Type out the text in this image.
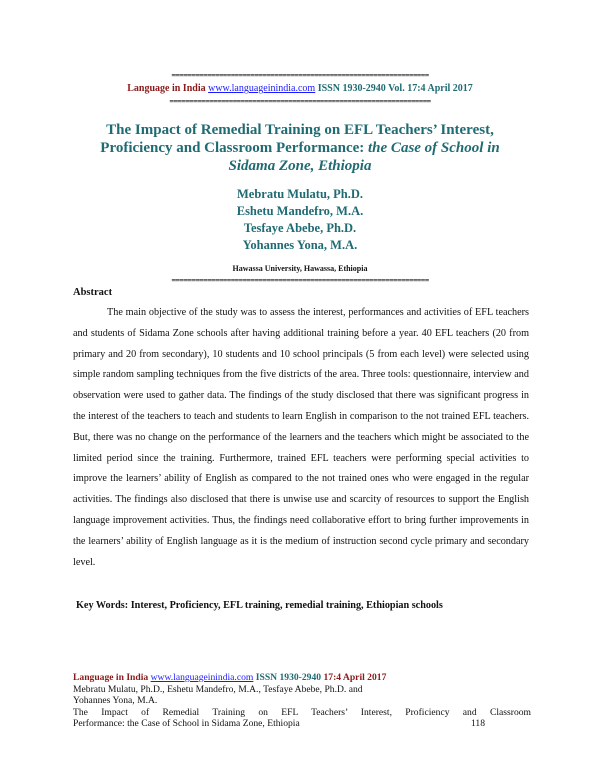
=================================================================
Language in India www.languageinindia.com ISSN 1930-2940 Vol. 17:4 April 2017
==================================================================
The Impact of Remedial Training on EFL Teachers’ Interest, Proficiency and Classroom Performance: the Case of School in Sidama Zone, Ethiopia
Mebratu Mulatu, Ph.D.
Eshetu Mandefro, M.A.
Tesfaye Abebe, Ph.D.
Yohannes Yona, M.A.
Hawassa University, Hawassa, Ethiopia
=================================================================
Abstract

The main objective of the study was to assess the interest, performances and activities of EFL teachers and students of Sidama Zone schools after having additional training before a year. 40 EFL teachers (20 from primary and 20 from secondary), 10 students and 10 school principals (5 from each level) were selected using simple random sampling techniques from the five districts of the area. Three tools: questionnaire, interview and observation were used to gather data. The findings of the study disclosed that there was significant progress in the interest of the teachers to teach and students to learn English in comparison to the not trained EFL teachers. But, there was no change on the performance of the learners and the teachers which might be associated to the limited period since the training. Furthermore, trained EFL teachers were performing special activities to improve the learners’ ability of English as compared to the not trained ones who were engaged in the regular activities. The findings also disclosed that there is unwise use and scarcity of resources to support the English language improvement activities. Thus, the findings need collaborative effort to bring further improvements in the learners’ ability of English language as it is the medium of instruction second cycle primary and secondary level.

Key Words: Interest, Proficiency, EFL training, remedial training, Ethiopian schools
Language in India www.languageinindia.com ISSN 1930-2940 17:4 April 2017
Mebratu Mulatu, Ph.D., Eshetu Mandefro, M.A., Tesfaye Abebe, Ph.D. and
Yohannes Yona, M.A.
The Impact of Remedial Training on EFL Teachers’ Interest, Proficiency and Classroom
Performance: the Case of School in Sidama Zone, Ethiopia	118
